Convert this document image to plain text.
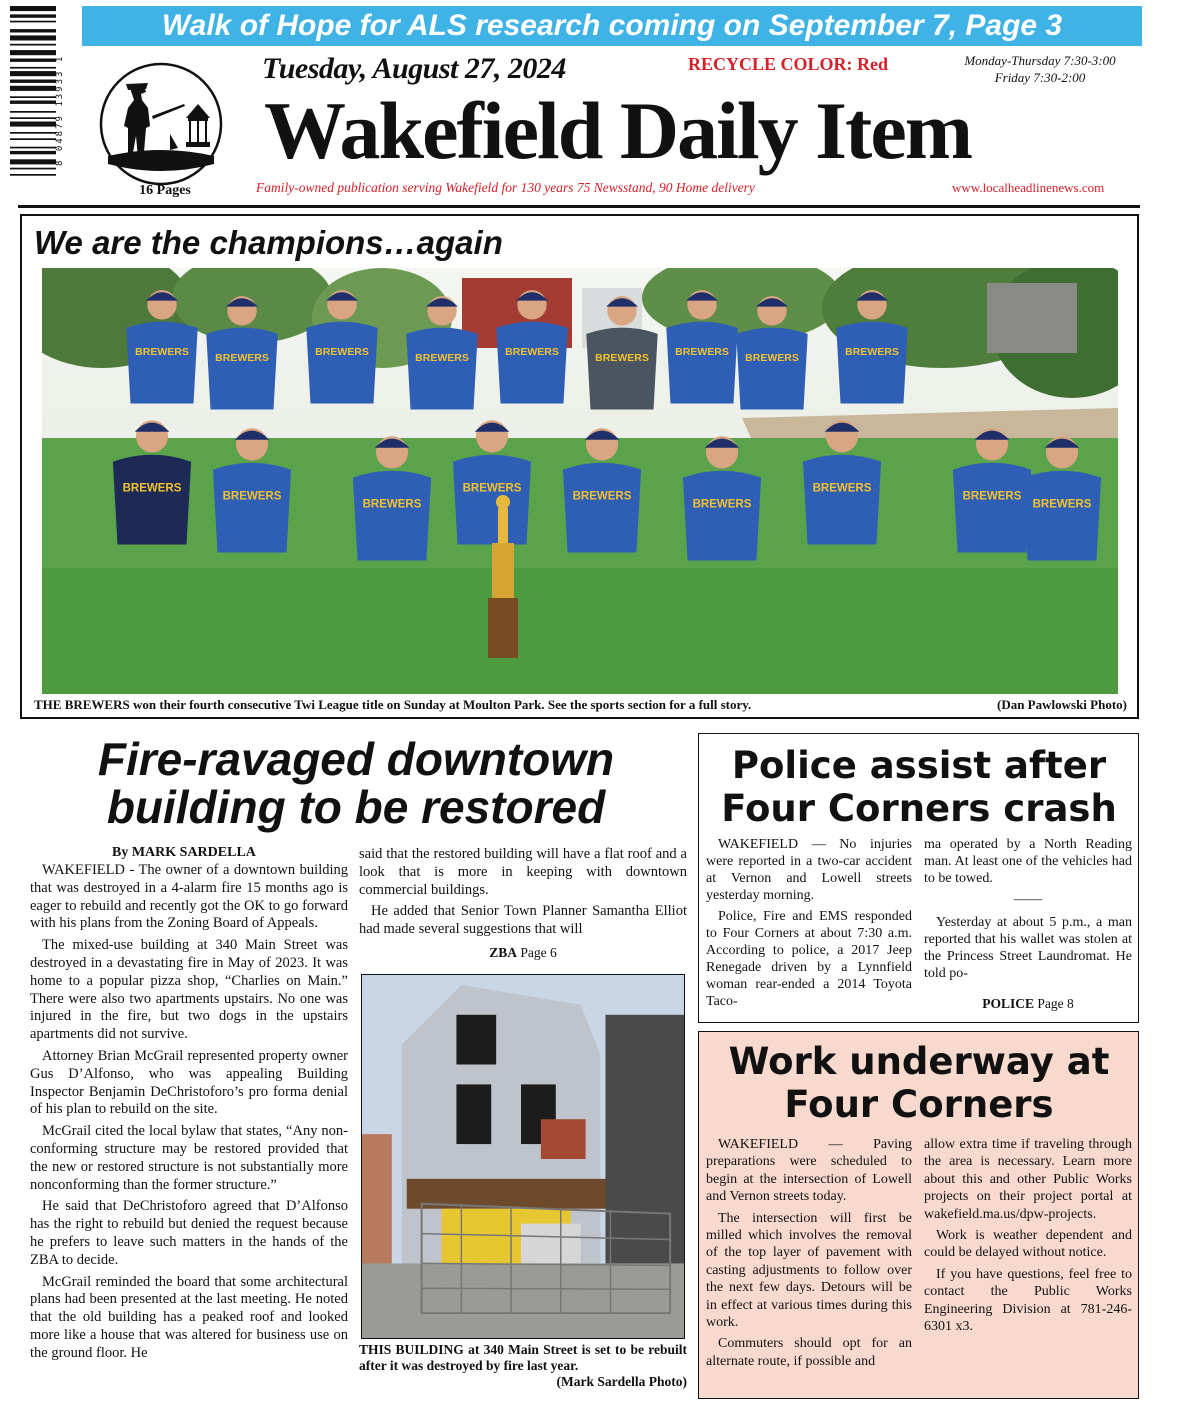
8 04879 13933 1
Walk of Hope for ALS research coming on September 7, Page 3
16 Pages
Tuesday, August 27, 2024	RECYCLE COLOR: Red	Monday-Thursday 7:30-3:00
Friday 7:30-2:00
Wakefield Daily Item
Family-owned publication serving Wakefield for 130 years 75 Newsstand, 90 Home delivery	www.localheadlinenews.com
We are the champions…again
BREWERS	BREWERS	BREWERS	BREWERS	BREWERS	BREWERS	BREWERS BREWERS	BREWERS
BREWERS
BREWERS
BREWERS
BREWERS
BREWERS
BREWERS
BREWERS
BREWERS
BREWERS
THE BREWERS won their fourth consecutive Twi League title on Sunday at Moulton Park. See the sports section for a full story.	(Dan Pawlowski Photo)
Fire-ravaged downtown building to be restored
By MARK SARDELLA

WAKEFIELD - The owner of a downtown building that was destroyed in a 4-alarm fire 15 months ago is eager to rebuild and recently got the OK to go forward with his plans from the Zoning Board of Appeals.

The mixed-use building at 340 Main Street was destroyed in a devastating fire in May of 2023. It was home to a popular pizza shop, “Charlies on Main.” There were also two apartments upstairs. No one was injured in the fire, but two dogs in the upstairs apartments did not survive.

Attorney Brian McGrail represented property owner Gus D’Alfonso, who was appealing Building Inspector Benjamin DeChristoforo’s pro forma denial of his plan to rebuild on the site.

McGrail cited the local bylaw that states, “Any non-conforming structure may be restored provided that the new or restored structure is not substantially more nonconforming than the former structure.”

He said that DeChristoforo agreed that D’Alfonso has the right to rebuild but denied the request because he prefers to leave such matters in the hands of the ZBA to decide.

McGrail reminded the board that some architectural plans had been presented at the last meeting. He noted that the old building has a peaked roof and looked more like a house that was altered for business use on the ground floor. He

said that the restored building will have a flat roof and a look that is more in keeping with downtown commercial buildings.

He added that Senior Town Planner Samantha Elliot had made several suggestions that will

ZBA Page 6
THIS BUILDING at 340 Main Street is set to be rebuilt after it was destroyed by fire last year.
(Mark Sardella Photo)
Police assist after Four Corners crash

WAKEFIELD — No injuries were reported in a two-car accident at Vernon and Lowell streets yesterday morning.

Police, Fire and EMS responded to Four Corners at about 7:30 a.m. According to police, a 2017 Jeep Renegade driven by a Lynnfield woman rear-ended a 2014 Toyota Taco-

ma operated by a North Reading man. At least one of the vehicles had to be towed.

——

Yesterday at about 5 p.m., a man reported that his wallet was stolen at the Princess Street Laundromat. He told po-

POLICE Page 8
Work underway at Four Corners

WAKEFIELD — Paving preparations were scheduled to begin at the intersection of Lowell and Vernon streets today.

The intersection will first be milled which involves the removal of the top layer of pavement with casting adjustments to follow over the next few days. Detours will be in effect at various times during this work.

Commuters should opt for an alternate route, if possible and

allow extra time if traveling through the area is necessary. Learn more about this and other Public Works projects on their project portal at wakefield.ma.us/dpw-projects.

Work is weather dependent and could be delayed without notice.

If you have questions, feel free to contact the Public Works Engineering Division at 781-246-6301 x3.
